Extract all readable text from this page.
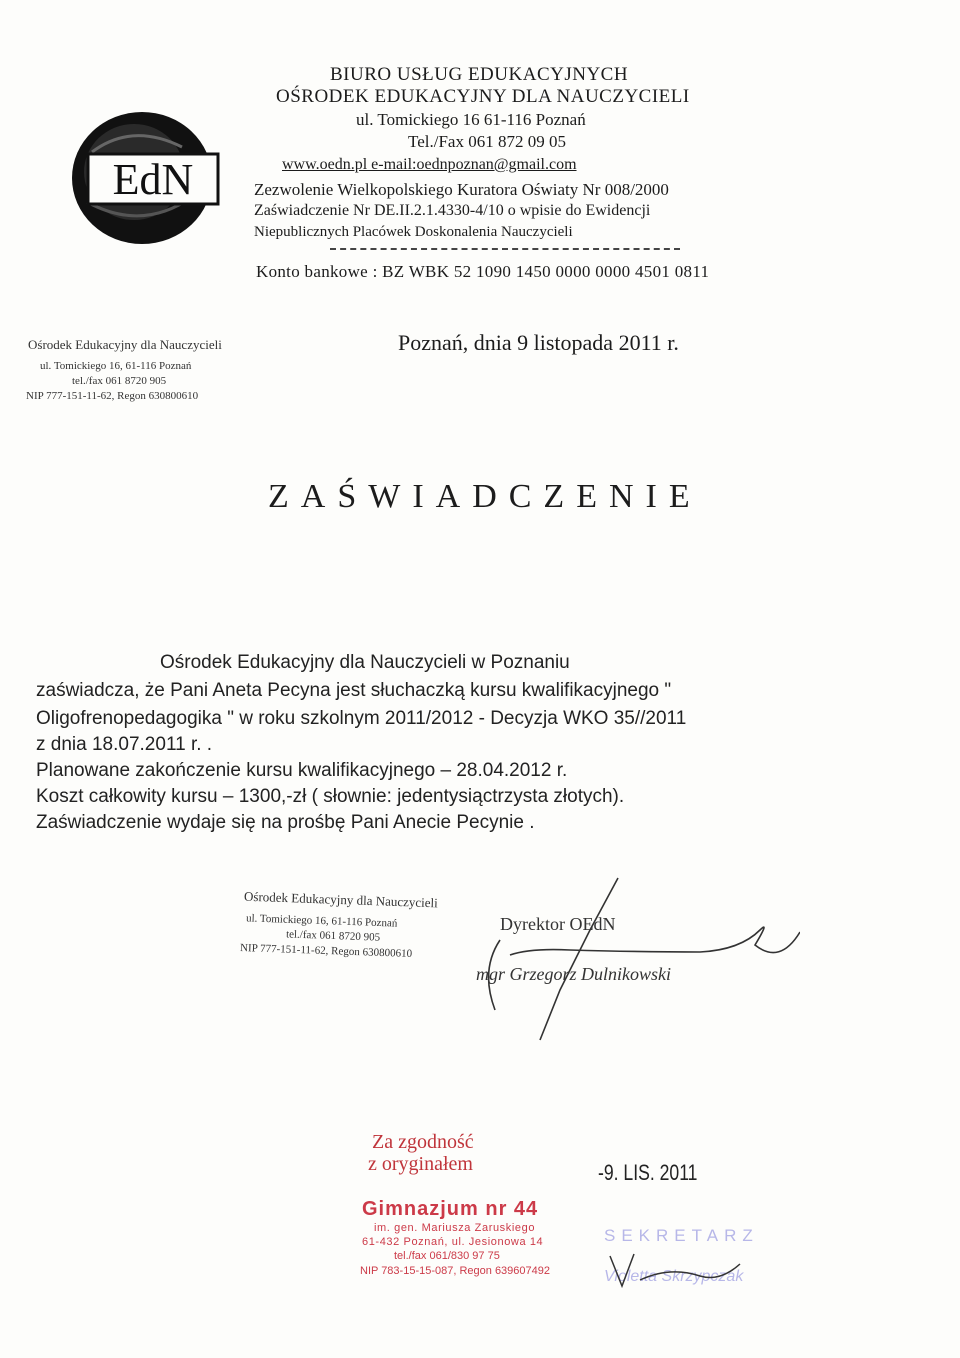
EdN
BIURO USŁUG EDUKACYJNYCH
OŚRODEK EDUKACYJNY DLA NAUCZYCIELI
ul. Tomickiego 16 61-116 Poznań
Tel./Fax 061 872 09 05
www.oedn.pl e-mail:oednpoznan@gmail.com
Zezwolenie Wielkopolskiego Kuratora Oświaty Nr 008/2000
Zaświadczenie Nr DE.II.2.1.4330-4/10 o wpisie do Ewidencji
Niepublicznych Placówek Doskonalenia Nauczycieli
Konto bankowe : BZ WBK 52 1090 1450 0000 0000 4501 0811
Ośrodek Edukacyjny dla Nauczycieli
ul. Tomickiego 16, 61-116 Poznań
tel./fax 061 8720 905
NIP 777-151-11-62, Regon 630800610
Poznań, dnia 9 listopada 2011 r.
ZAŚWIADCZENIE
Ośrodek Edukacyjny dla Nauczycieli w Poznaniu
zaświadcza, że Pani Aneta Pecyna jest słuchaczką kursu kwalifikacyjnego "
Oligofrenopedagogika " w roku szkolnym 2011/2012 - Decyzja WKO 35//2011
z dnia 18.07.2011 r. .
Planowane zakończenie kursu kwalifikacyjnego – 28.04.2012 r.
Koszt całkowity kursu – 1300,-zł ( słownie: jedentysiąctrzysta złotych).
Zaświadczenie wydaje się na prośbę Pani Anecie Pecynie .
Ośrodek Edukacyjny dla Nauczycieli
ul. Tomickiego 16, 61-116 Poznań
tel./fax 061 8720 905
NIP 777-151-11-62, Regon 630800610
Dyrektor OEdN
mgr Grzegorz Dulnikowski
Za zgodność
z oryginałem	-9. LIS. 2011
Gimnazjum nr 44
im. gen. Mariusza Zaruskiego
61-432 Poznań, ul. Jesionowa 14
tel./fax 061/830 97 75
NIP 783-15-15-087, Regon 639607492
SEKRETARZ
Violetta Skrzypczak
